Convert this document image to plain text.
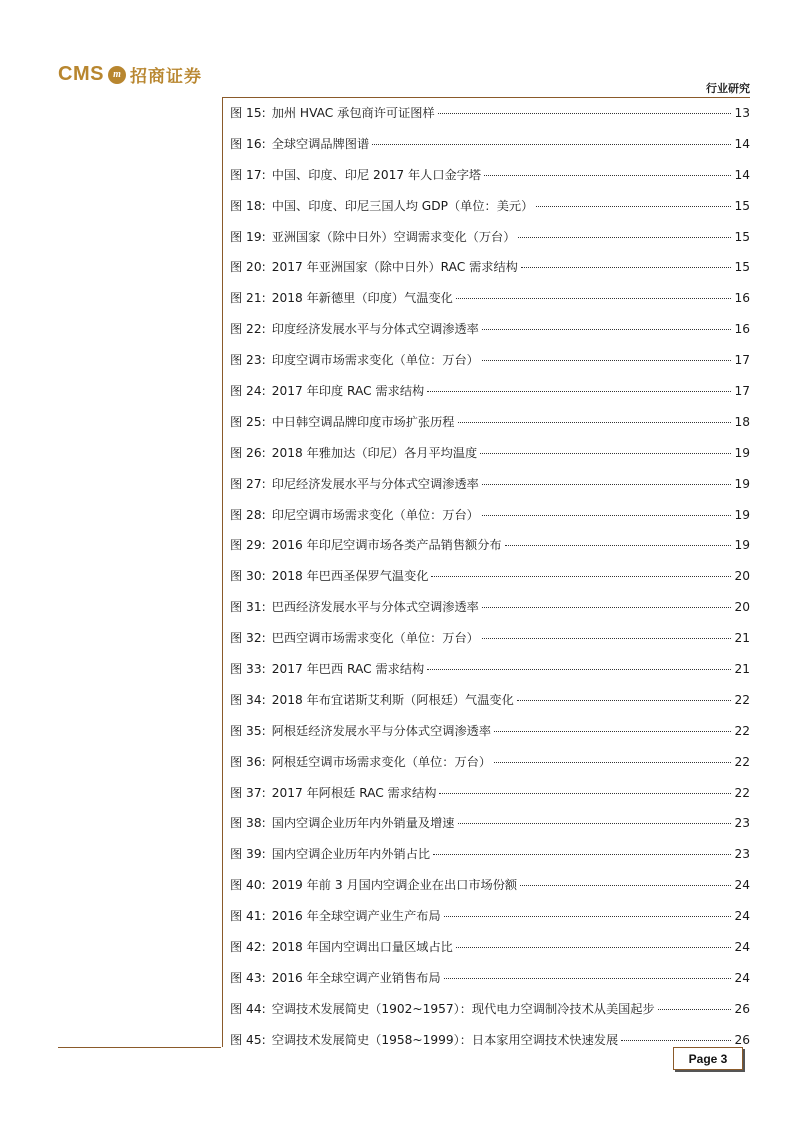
CMS m 招商证券
行业研究
图 15: 加州 HVAC 承包商许可证图样	13
图 16: 全球空调品牌图谱	14
图 17: 中国、印度、印尼 2017 年人口金字塔	14
图 18: 中国、印度、印尼三国人均 GDP（单位：美元）	15
图 19: 亚洲国家（除中日外）空调需求变化（万台）	15
图 20: 2017 年亚洲国家（除中日外）RAC 需求结构	15
图 21: 2018 年新德里（印度）气温变化	16
图 22: 印度经济发展水平与分体式空调渗透率	16
图 23: 印度空调市场需求变化（单位：万台）	17
图 24: 2017 年印度 RAC 需求结构	17
图 25: 中日韩空调品牌印度市场扩张历程	18
图 26: 2018 年雅加达（印尼）各月平均温度	19
图 27: 印尼经济发展水平与分体式空调渗透率	19
图 28: 印尼空调市场需求变化（单位：万台）	19
图 29: 2016 年印尼空调市场各类产品销售额分布	19
图 30: 2018 年巴西圣保罗气温变化	20
图 31: 巴西经济发展水平与分体式空调渗透率	20
图 32: 巴西空调市场需求变化（单位：万台）	21
图 33: 2017 年巴西 RAC 需求结构	21
图 34: 2018 年布宜诺斯艾利斯（阿根廷）气温变化	22
图 35: 阿根廷经济发展水平与分体式空调渗透率	22
图 36: 阿根廷空调市场需求变化（单位：万台）	22
图 37: 2017 年阿根廷 RAC 需求结构	22
图 38: 国内空调企业历年内外销量及增速	23
图 39: 国内空调企业历年内外销占比	23
图 40: 2019 年前 3 月国内空调企业在出口市场份额	24
图 41: 2016 年全球空调产业生产布局	24
图 42: 2018 年国内空调出口量区域占比	24
图 43: 2016 年全球空调产业销售布局	24
图 44: 空调技术发展简史（1902~1957）：现代电力空调制冷技术从美国起步	26
图 45: 空调技术发展简史（1958~1999）：日本家用空调技术快速发展	26
Page 3
